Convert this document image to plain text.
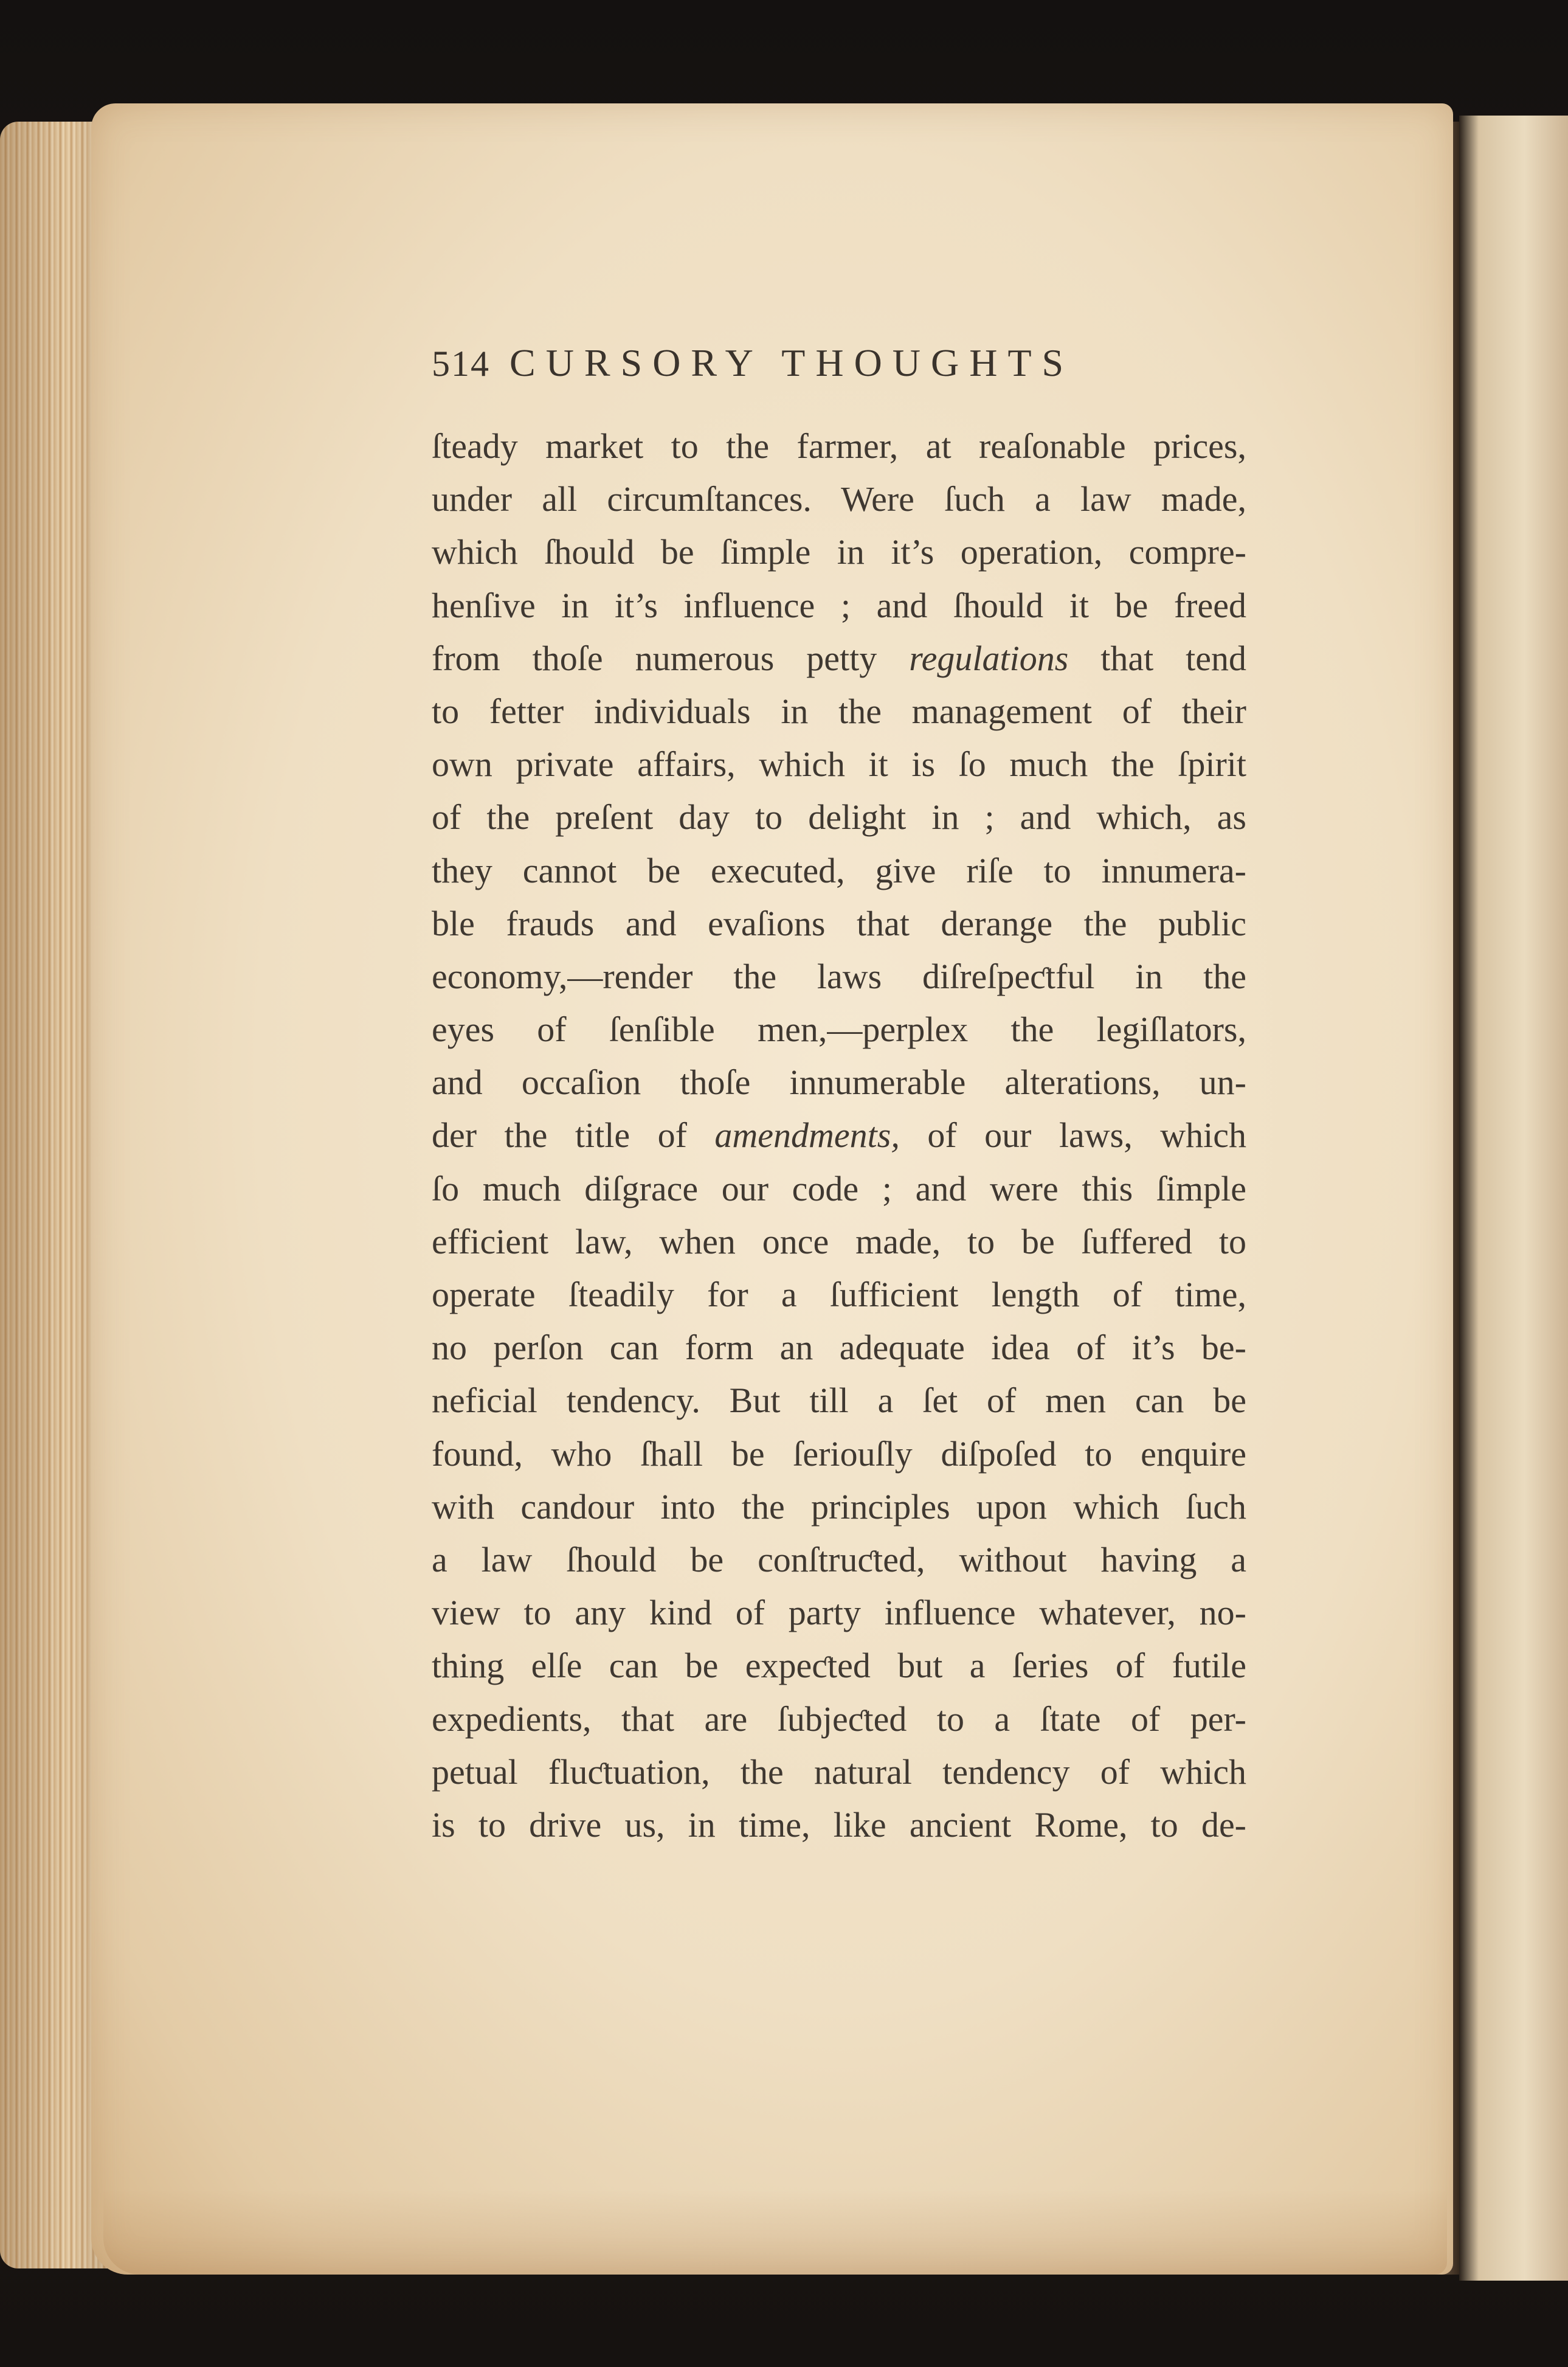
514 CURSORY THOUGHTS
ſteady market to the farmer, at reaſonable prices,
under all circumſtances. Were ſuch a law made,
which ſhould be ſimple in it’s operation, compre-
henſive in it’s influence ; and ſhould it be freed
from thoſe numerous petty regulations that tend
to fetter individuals in the management of their
own private affairs, which it is ſo much the ſpirit
of the preſent day to delight in ; and which, as
they cannot be executed, give riſe to innumera-
ble frauds and evaſions that derange the public
economy,—render the laws diſreſpeƈtful in the
eyes of ſenſible men,—perplex the legiſlators,
and occaſion thoſe innumerable alterations, un-
der the title of amendments, of our laws, which
ſo much diſgrace our code ; and were this ſimple
efficient law, when once made, to be ſuffered to
operate ſteadily for a ſufficient length of time,
no perſon can form an adequate idea of it’s be-
neficial tendency. But till a ſet of men can be
found, who ſhall be ſeriouſly diſpoſed to enquire
with candour into the principles upon which ſuch
a law ſhould be conſtruƈted, without having a
view to any kind of party influence whatever, no-
thing elſe can be expeƈted but a ſeries of futile
expedients, that are ſubjeƈted to a ſtate of per-
petual fluƈtuation, the natural tendency of which
is to drive us, in time, like ancient Rome, to de-
